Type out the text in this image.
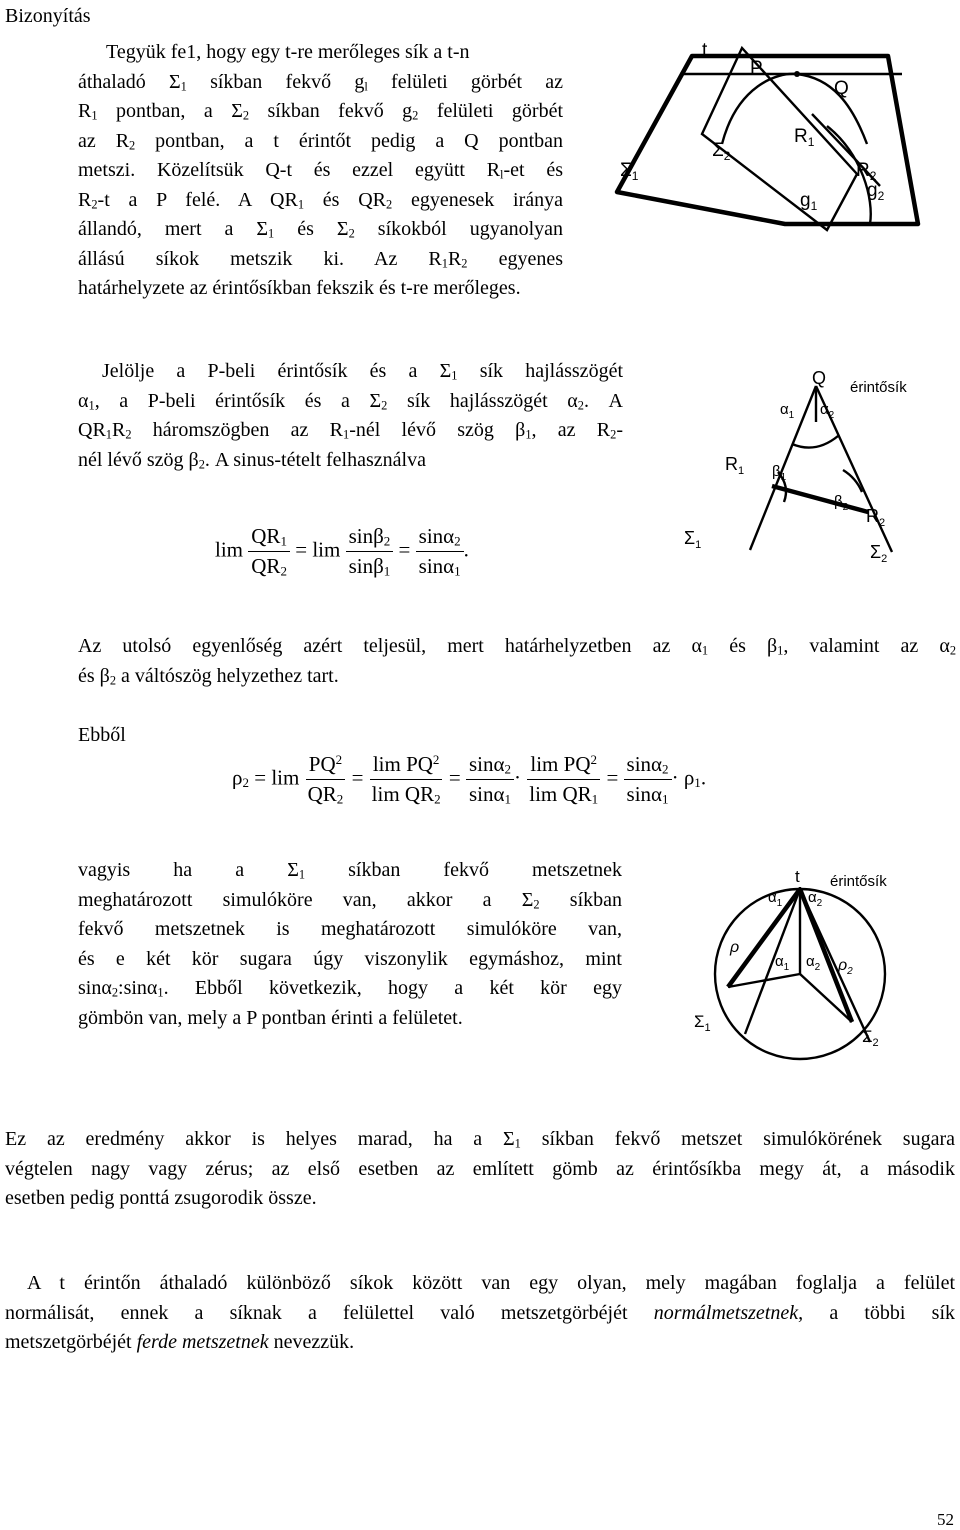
Bizonyítás
Tegyük fe1, hogy egy t-re merőleges sík a t-n
áthaladó $\Sigma_1$ síkban fekvő $g_l$ felületi görbét az
$R_1$ pontban, a $\Sigma_2$ síkban fekvő $g_2$ felületi görbét
az $R_2$ pontban, a t érintőt pedig a Q pontban
metszi. Közelítsük Q-t és ezzel együtt $R_l-et$ és
$R_2-t$ a P felé. A $QR_1$ és $QR_2$ egyenesek iránya
állandó, mert a $\Sigma_1$ és $\Sigma_2$ síkokból ugyanolyan
állású síkok metszik ki. Az $R_1R_2$ egyenes
határhelyzete az érintősíkban fekszik és t-re merőleges.
t
P
Q
$\Sigma_2$
$\Sigma_1$
$R_1$
$R_2$
$g_2$
$g_1$
Jelölje a P-beli érintősík és a $\Sigma_1$ sík hajlásszögét
$\alpha_1$, a P-beli érintősík és a $\Sigma_2$ sík hajlásszögét $\alpha_2$. A
$QR_1R_2$ háromszögben az $R_1$-nél lévő szög $\beta_1$, az $R_2-$
nél lévő szög $\beta_2$. A sinus-tételt felhasználva
$\lim \frac{QR_1}{QR_2} = \lim \frac{\sin\beta_2}{\sin\beta_1} = \frac{\sin\alpha_2}{\sin\alpha_1}$ .
Q érintősík
$\alpha_1$ $\alpha_2$
$R_1$ $\beta_1$
$\beta_2$ $R_2$
$\Sigma_1$	$\Sigma_2$
Az utolsó egyenlőség azért teljesül, mert határhelyzetben az $\alpha_1$ és $\beta_1$, valamint az $\alpha_2$
és $\beta_2$ a váltószög helyzethez tart.
Ebből
$\rho_2 = \lim \frac{PQ^2}{QR_2} = \frac{\lim PQ^2}{\lim QR_2} = \frac{\sin\alpha_2}{\sin\alpha_1} \cdot \frac{\lim PQ^2}{\lim QR_1} = \frac{\sin\alpha_2}{\sin\alpha_1} \cdot \rho_1$.
vagyis ha a $\Sigma_1$ síkban fekvő metszetnek
meghatározott simulóköre van, akkor a $\Sigma_2$ síkban
fekvő metszetnek is meghatározott simulóköre van,
és e két kör sugara úgy viszonylik egymáshoz, mint
sinα$_2$:sinα$_1$. Ebből következik, hogy a két kör egy
gömbön van, mely a P pontban érinti a felületet.
t érintősík
$\alpha_1$ $\alpha_2$
ρ
$\alpha_1$ $\alpha_2$ $\rho_2$
$\Sigma_1$	$\Sigma_2$
Ez az eredmény akkor is helyes marad, ha a $\Sigma_1$ síkban fekvő metszet simulókörének sugara
végtelen nagy vagy zérus; az első esetben az említett gömb az érintősíkba megy át, a második
esetben pedig ponttá zsugorodik össze.
A t érintőn áthaladó különböző síkok között van egy olyan, mely magában foglalja a felület
normálisát, ennek a síknak a felülettel való metszetgörbéjét normálmetszetnek, a többi sík
metszetgörbéjét ferde metszetnek nevezzük.
52
